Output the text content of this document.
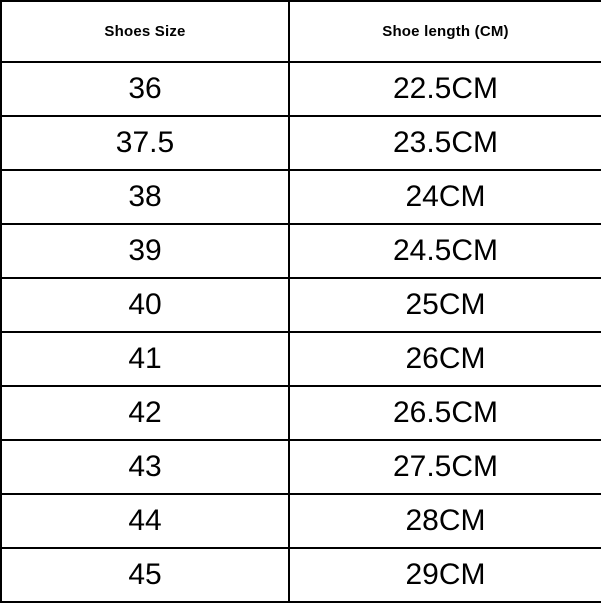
Shoes Size	Shoe length (CM)
36	22.5CM
37.5	23.5CM
38	24CM
39	24.5CM
40	25CM
41	26CM
42	26.5CM
43	27.5CM
44	28CM
45	29CM
